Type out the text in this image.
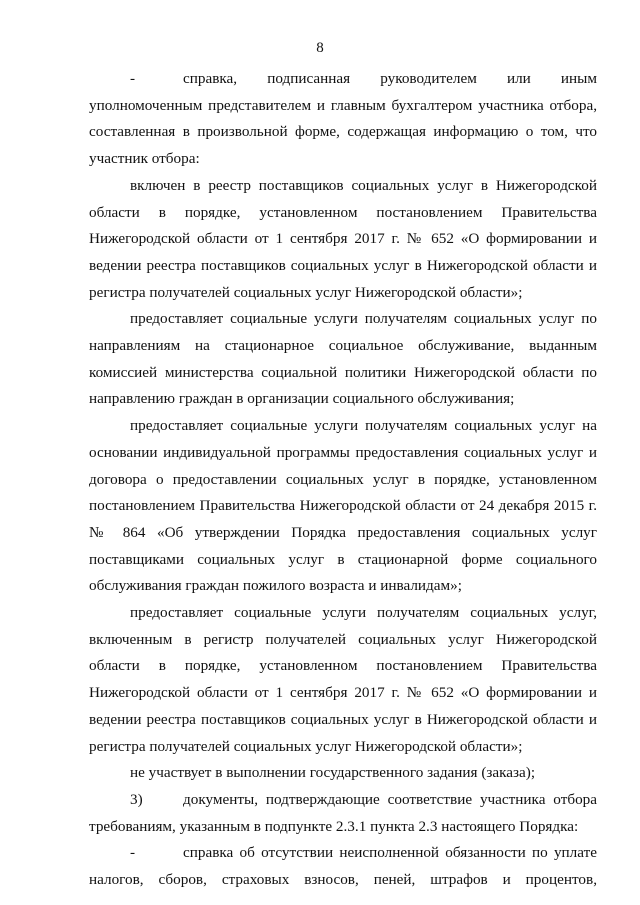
8

-	справка, подписанная руководителем или иным уполномоченным представителем и главным бухгалтером участника отбора, составленная в произвольной форме, содержащая информацию о том, что участник отбора:

включен в реестр поставщиков социальных услуг в Нижегородской области в порядке, установленном постановлением Правительства Нижегородской области от 1 сентября 2017 г. № 652 «О формировании и ведении реестра поставщиков социальных услуг в Нижегородской области и регистра получателей социальных услуг Нижегородской области»;

предоставляет социальные услуги получателям социальных услуг по направлениям на стационарное социальное обслуживание, выданным комиссией министерства социальной политики Нижегородской области по направлению граждан в организации социального обслуживания;

предоставляет социальные услуги получателям социальных услуг на основании индивидуальной программы предоставления социальных услуг и договора о предоставлении социальных услуг в порядке, установленном постановлением Правительства Нижегородской области от 24 декабря 2015 г. № 864 «Об утверждении Порядка предоставления социальных услуг поставщиками социальных услуг в стационарной форме социального обслуживания граждан пожилого возраста и инвалидам»;

предоставляет социальные услуги получателям социальных услуг, включенным в регистр получателей социальных услуг Нижегородской области в порядке, установленном постановлением Правительства Нижегородской области от 1 сентября 2017 г. № 652 «О формировании и ведении реестра поставщиков социальных услуг в Нижегородской области и регистра получателей социальных услуг Нижегородской области»;

не участвует в выполнении государственного задания (заказа);

3)	документы, подтверждающие соответствие участника отбора требованиям, указанным в подпункте 2.3.1 пункта 2.3 настоящего Порядка:

-	справка об отсутствии неисполненной обязанности по уплате налогов, сборов, страховых взносов, пеней, штрафов и процентов,
